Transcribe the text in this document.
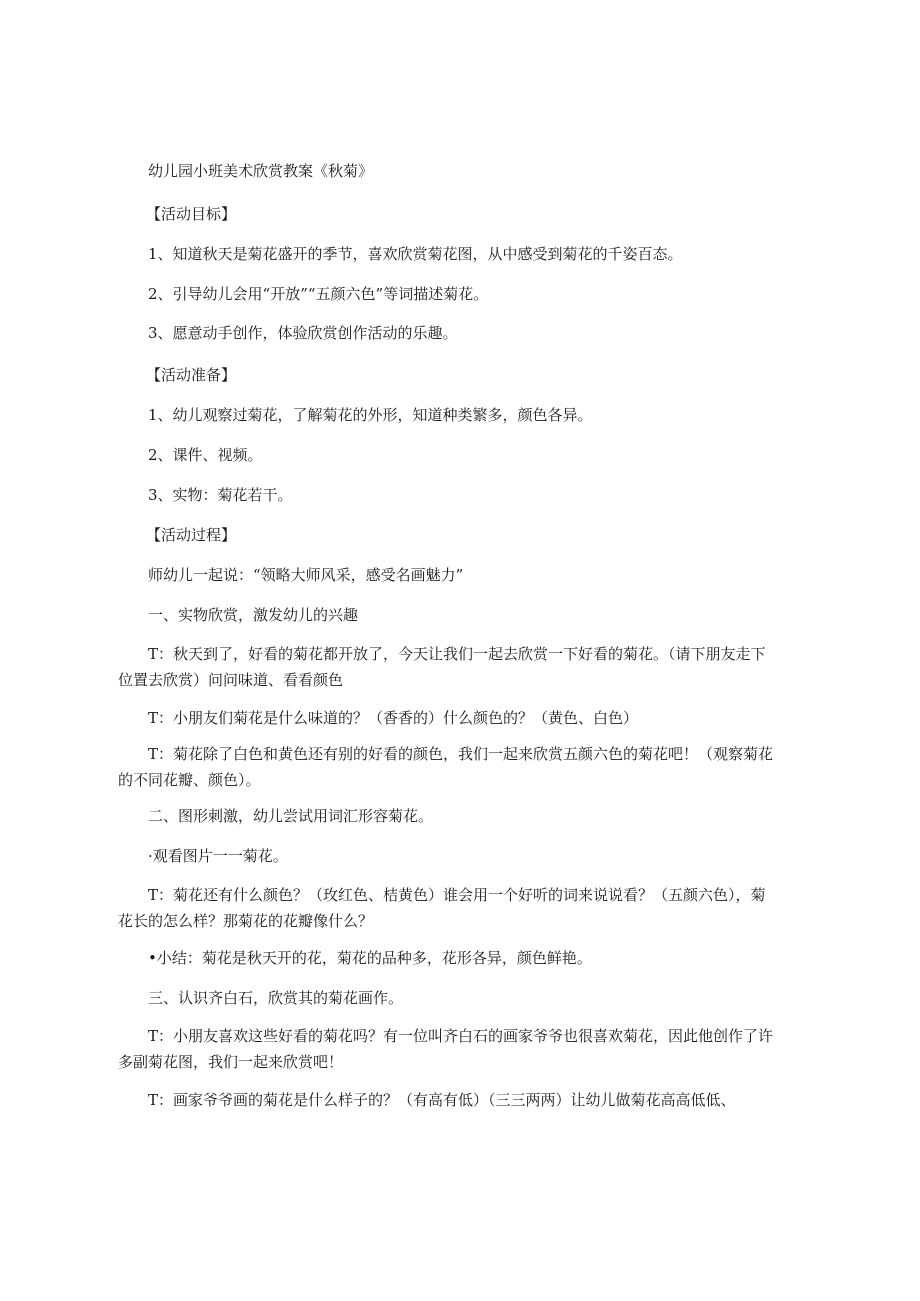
幼儿园小班美术欣赏教案《秋菊》

【活动目标】

1、知道秋天是菊花盛开的季节，喜欢欣赏菊花图，从中感受到菊花的千姿百态。

2、引导幼儿会用“开放”“五颜六色”等词描述菊花。

3、愿意动手创作，体验欣赏创作活动的乐趣。

【活动准备】

1、幼儿观察过菊花，了解菊花的外形，知道种类繁多，颜色各异。

2、课件、视频。

3、实物：菊花若干。

【活动过程】

师幼儿一起说：“领略大师风采，感受名画魅力”

一、实物欣赏，激发幼儿的兴趣

T：秋天到了，好看的菊花都开放了，今天让我们一起去欣赏一下好看的菊花。（请下朋友走下位置去欣赏）问问味道、看看颜色

T：小朋友们菊花是什么味道的？（香香的）什么颜色的？（黄色、白色）

T：菊花除了白色和黄色还有别的好看的颜色，我们一起来欣赏五颜六色的菊花吧！（观察菊花的不同花瓣、颜色）。

二、图形刺激，幼儿尝试用词汇形容菊花。

·观看图片一一菊花。

T：菊花还有什么颜色？（玫红色、桔黄色）谁会用一个好听的词来说说看？（五颜六色），菊花长的怎么样？那菊花的花瓣像什么？

•小结：菊花是秋天开的花，菊花的品种多，花形各异，颜色鲜艳。

三、认识齐白石，欣赏其的菊花画作。

T：小朋友喜欢这些好看的菊花吗？有一位叫齐白石的画家爷爷也很喜欢菊花，因此他创作了许多副菊花图，我们一起来欣赏吧！

T：画家爷爷画的菊花是什么样子的？（有高有低）（三三两两）让幼儿做菊花高高低低、
